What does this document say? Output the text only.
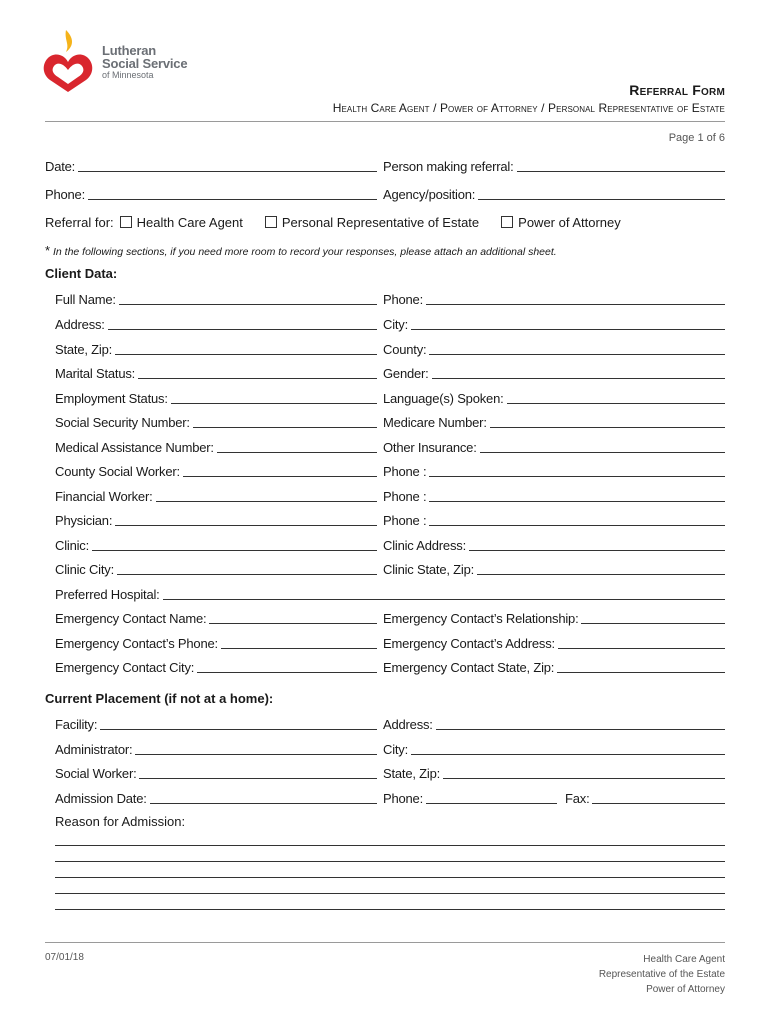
Lutheran
Social Service
of Minnesota
Referral Form
Health Care Agent / Power of Attorney / Personal Representative of Estate
Page 1 of 6
Date:	Person making referral:
Phone:	Agency/position:
Referral for: Health Care Agent	Personal Representative of Estate	Power of Attorney
* In the following sections, if you need more room to record your responses, please attach an additional sheet.
Client Data:
Full Name:	Phone:
Address:	City:
State, Zip:	County:
Marital Status:	Gender:
Employment Status:	Language(s) Spoken:
Social Security Number:	Medicare Number:
Medical Assistance Number:	Other Insurance:
County Social Worker:	Phone :
Financial Worker:	Phone :
Physician:	Phone :
Clinic:	Clinic Address:
Clinic City:	Clinic State, Zip:
Preferred Hospital:
Emergency Contact Name:	Emergency Contact’s Relationship:
Emergency Contact’s Phone:	Emergency Contact’s Address:
Emergency Contact City:	Emergency Contact State, Zip:
Current Placement (if not at a home):
Facility:	Address:
Administrator:	City:
Social Worker:	State, Zip:
Admission Date:	Phone:	Fax:
Reason for Admission:
07/01/18	Health Care Agent
Representative of the Estate
Power of Attorney
